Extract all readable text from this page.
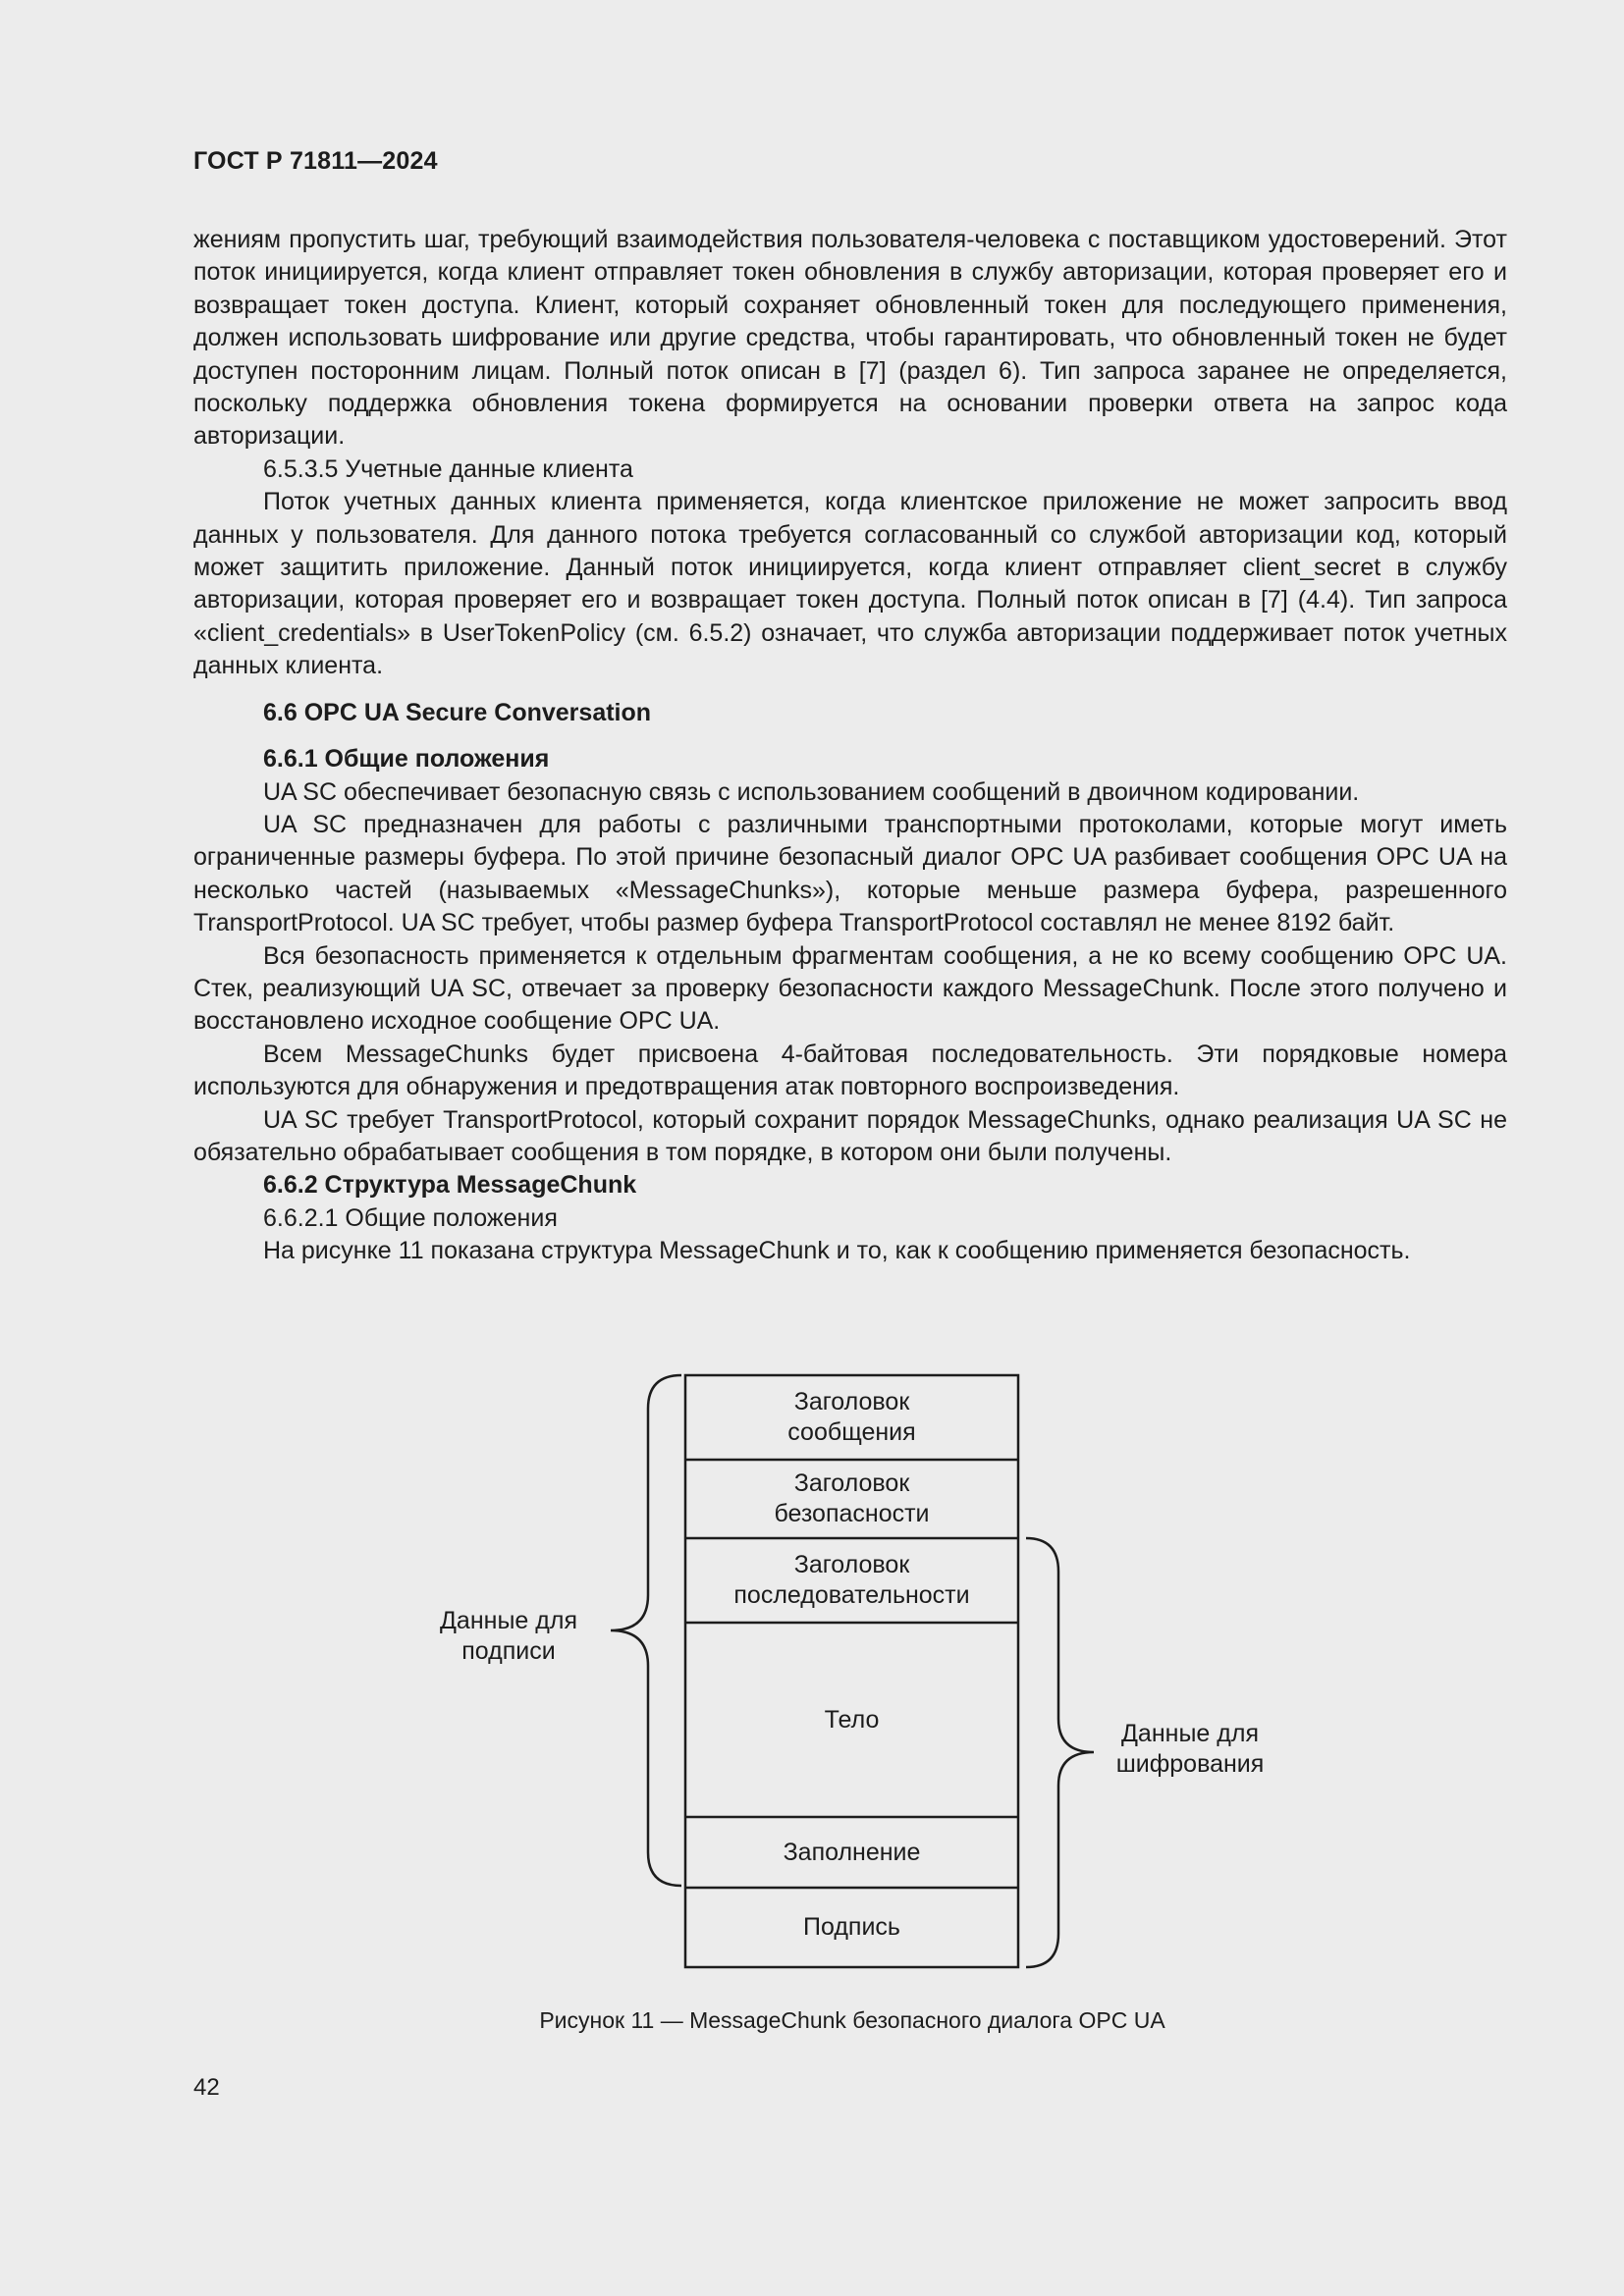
ГОСТ Р 71811—2024

жениям пропустить шаг, требующий взаимодействия пользователя-человека с поставщиком удостоверений. Этот поток инициируется, когда клиент отправляет токен обновления в службу авторизации, которая проверяет его и возвращает токен доступа. Клиент, который сохраняет обновленный токен для последующего применения, должен использовать шифрование или другие средства, чтобы гарантировать, что обновленный токен не будет доступен посторонним лицам. Полный поток описан в [7] (раздел 6). Тип запроса заранее не определяется, поскольку поддержка обновления токена формируется на основании проверки ответа на запрос кода авторизации.

6.5.3.5 Учетные данные клиента

Поток учетных данных клиента применяется, когда клиентское приложение не может запросить ввод данных у пользователя. Для данного потока требуется согласованный со службой авторизации код, который может защитить приложение. Данный поток инициируется, когда клиент отправляет client_secret в службу авторизации, которая проверяет его и возвращает токен доступа. Полный поток описан в [7] (4.4). Тип запроса «client_credentials» в UserTokenPolicy (см. 6.5.2) означает, что служба авторизации поддерживает поток учетных данных клиента.

6.6 OPC UA Secure Conversation
6.6.1 Общие положения

UA SC обеспечивает безопасную связь с использованием сообщений в двоичном кодировании.

UA SC предназначен для работы с различными транспортными протоколами, которые могут иметь ограниченные размеры буфера. По этой причине безопасный диалог OPC UA разбивает сообщения OPC UA на несколько частей (называемых «MessageChunks»), которые меньше размера буфера, разрешенного TransportProtocol. UA SC требует, чтобы размер буфера TransportProtocol составлял не менее 8192 байт.

Вся безопасность применяется к отдельным фрагментам сообщения, а не ко всему сообщению OPC UA. Стек, реализующий UA SC, отвечает за проверку безопасности каждого MessageChunk. После этого получено и восстановлено исходное сообщение OPC UA.

Всем MessageChunks будет присвоена 4-байтовая последовательность. Эти порядковые номера используются для обнаружения и предотвращения атак повторного воспроизведения.

UA SC требует TransportProtocol, который сохранит порядок MessageChunks, однако реализация UA SC не обязательно обрабатывает сообщения в том порядке, в котором они были получены.

6.6.2 Структура MessageChunk

6.6.2.1 Общие положения

На рисунке 11 показана структура MessageChunk и то, как к сообщению применяется безопасность.

Заголовок
сообщения
Заголовок
безопасности
Заголовок
последовательности
Тело
Заполнение
Подпись
Данные для
подписи
Данные для
шифрования
Рисунок 11 — MessageChunk безопасного диалога OPC UA
42
